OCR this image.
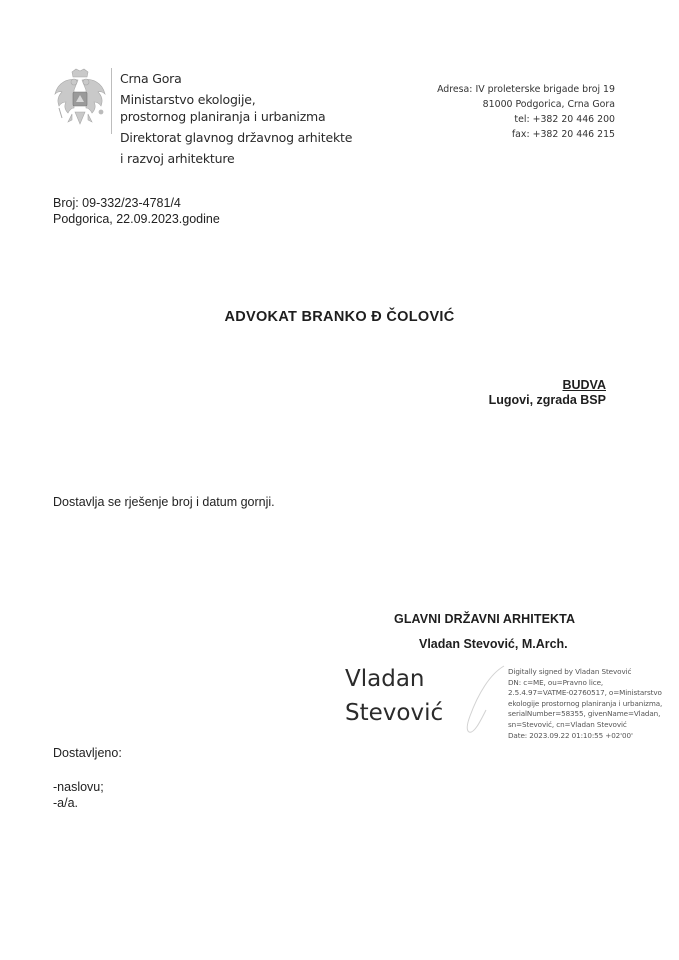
Crna Gora
Ministarstvo ekologije,
prostornog planiranja i urbanizma
Direktorat glavnog državnog arhitekte
i razvoj arhitekture
Adresa: IV proleterske brigade broj 19
81000 Podgorica, Crna Gora
tel: +382 20 446 200
fax: +382 20 446 215
Broj: 09-332/23-4781/4
Podgorica, 22.09.2023.godine
ADVOKAT BRANKO Đ ČOLOVIĆ
BUDVA
Lugovi, zgrada BSP
Dostavlja se rješenje broj i datum gornji.
GLAVNI DRŽAVNI ARHITEKTA
Vladan Stevović, M.Arch.
Vladan
Stevović
Digitally signed by Vladan Stevović
DN: c=ME, ou=Pravno lice,
2.5.4.97=VATME-02760517, o=Ministarstvo
ekologije prostornog planiranja i urbanizma,
serialNumber=58355, givenName=Vladan,
sn=Stevović, cn=Vladan Stevović
Date: 2023.09.22 01:10:55 +02'00'
Dostavljeno:
-naslovu;
-a/a.
